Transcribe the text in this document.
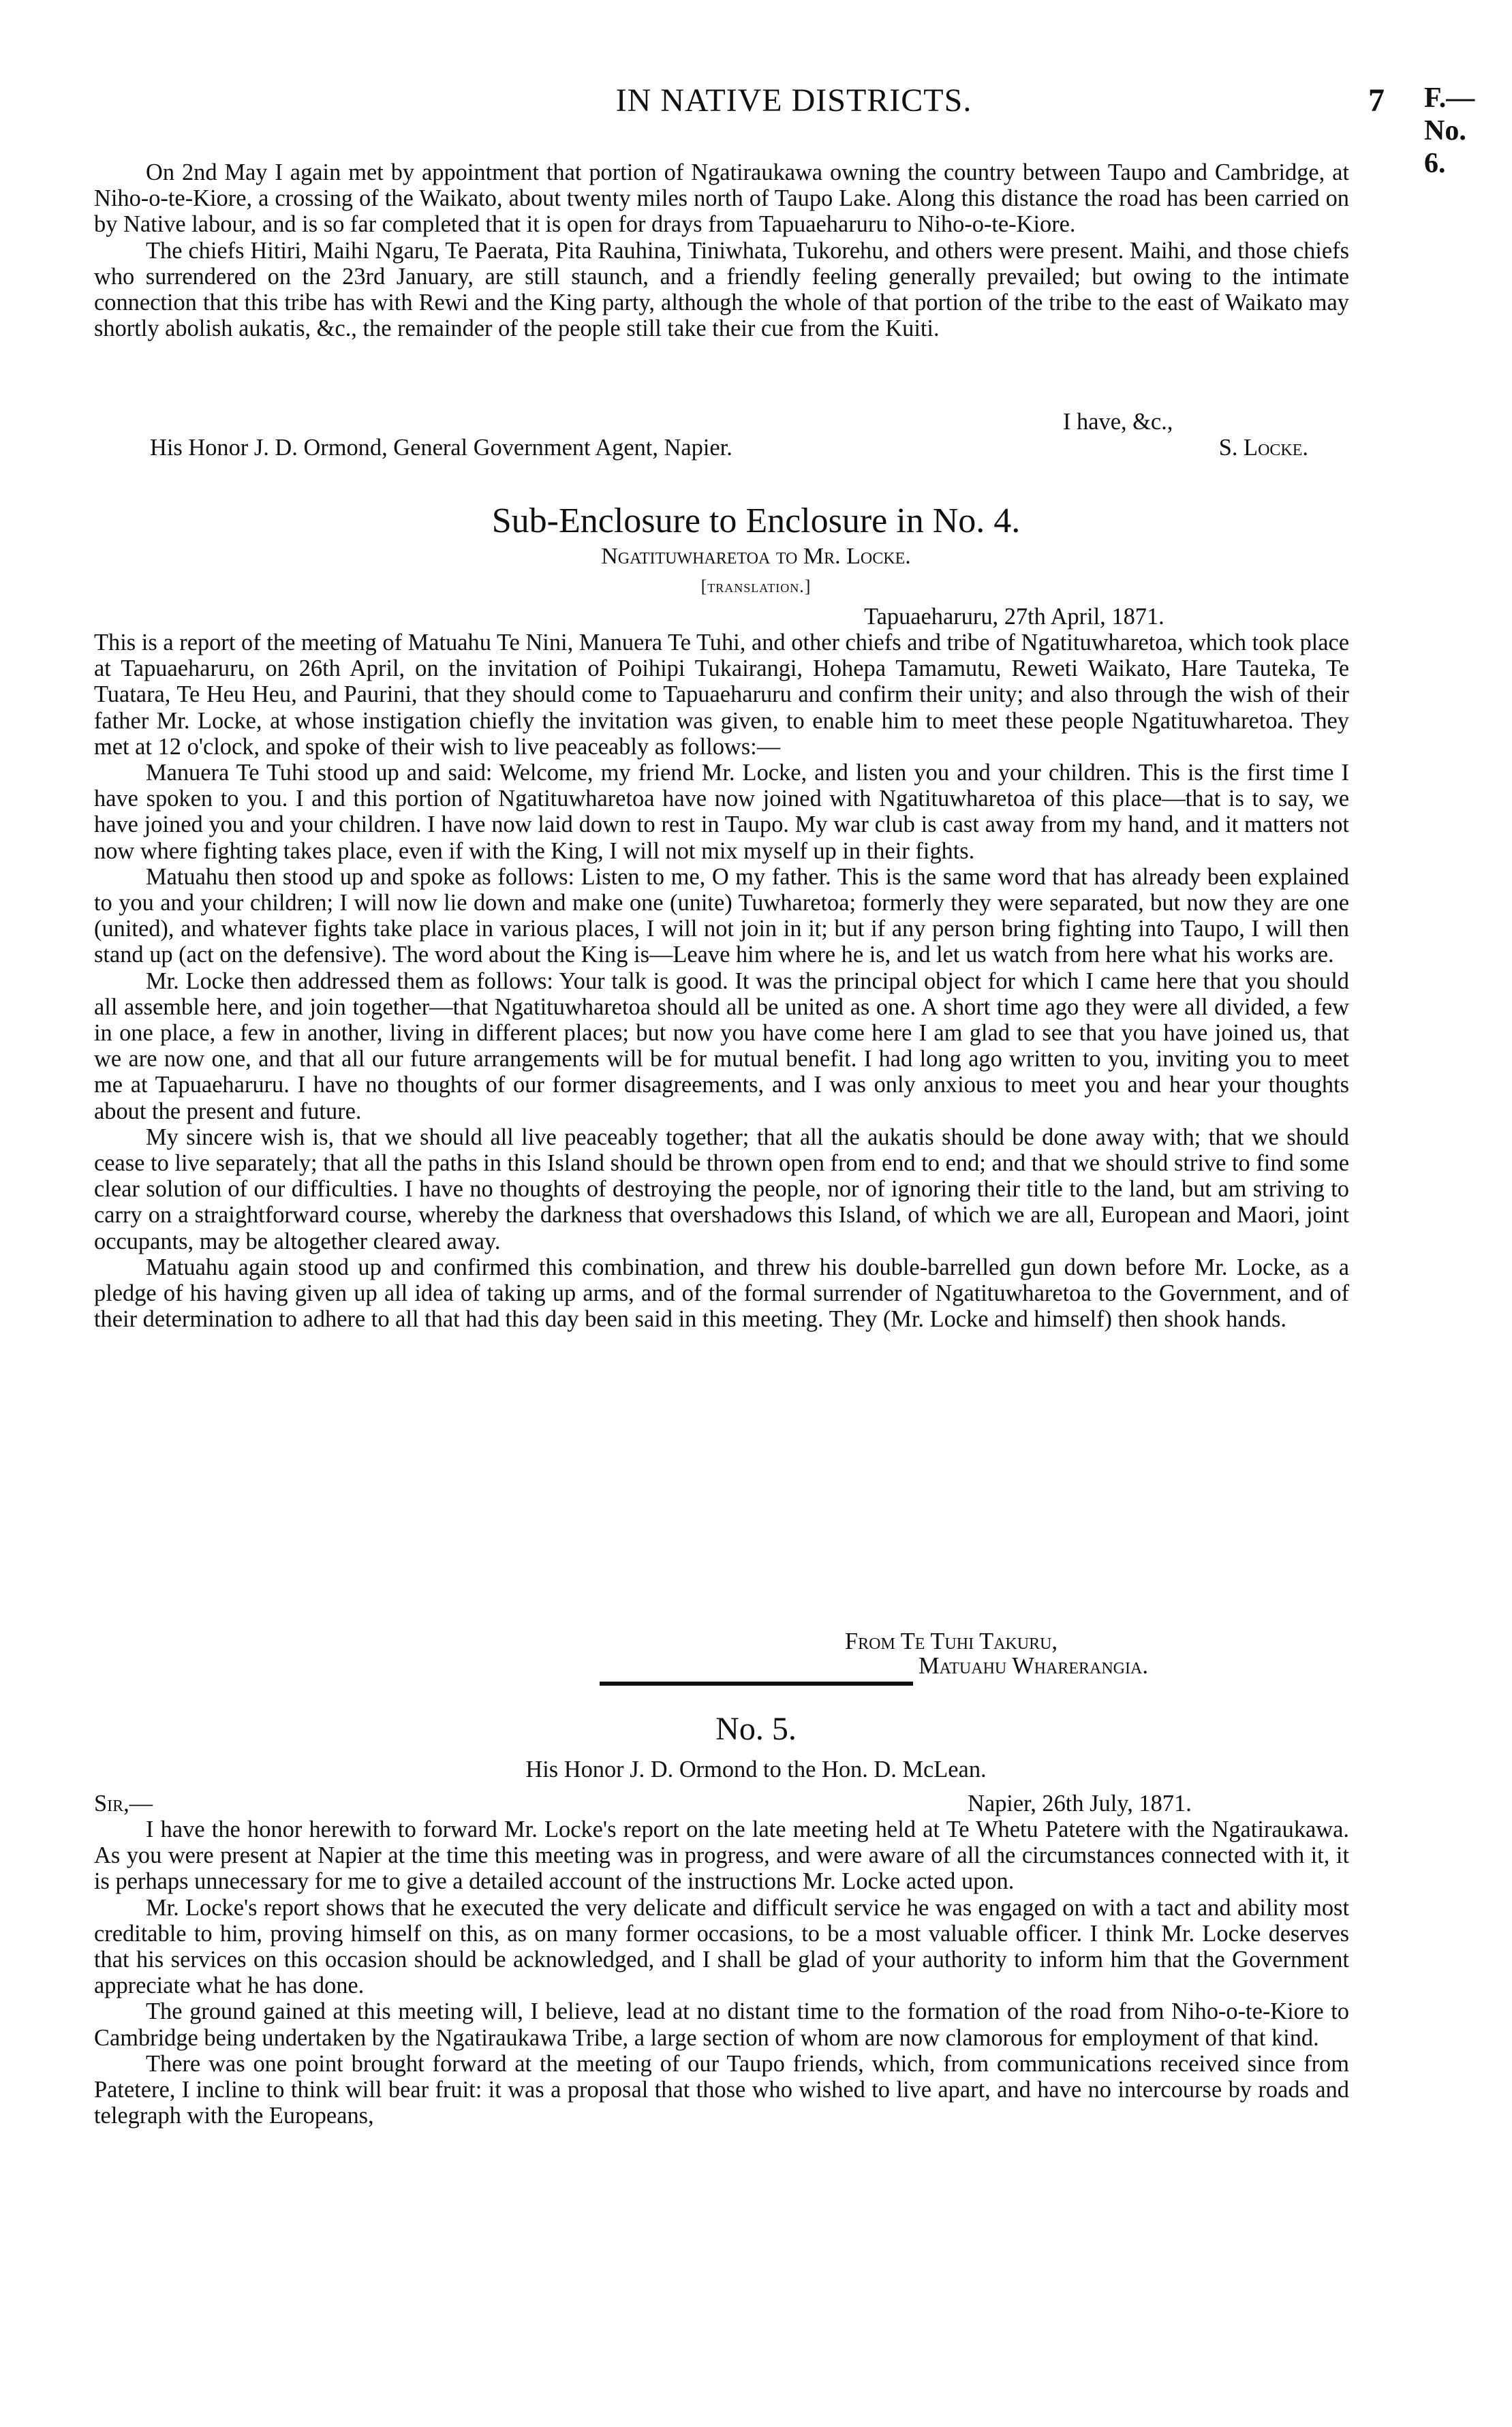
IN NATIVE DISTRICTS.	7 F.—No. 6.

On 2nd May I again met by appointment that portion of Ngatiraukawa owning the country between Taupo and Cambridge, at Niho-o-te-Kiore, a crossing of the Waikato, about twenty miles north of Taupo Lake. Along this distance the road has been carried on by Native labour, and is so far completed that it is open for drays from Tapuaeharuru to Niho-o-te-Kiore.

The chiefs Hitiri, Maihi Ngaru, Te Paerata, Pita Rauhina, Tiniwhata, Tukorehu, and others were present. Maihi, and those chiefs who surrendered on the 23rd January, are still staunch, and a friendly feeling generally prevailed; but owing to the intimate connection that this tribe has with Rewi and the King party, although the whole of that portion of the tribe to the east of Waikato may shortly abolish aukatis, &c., the remainder of the people still take their cue from the Kuiti.

I have, &c.,
His Honor J. D. Ormond, General Government Agent, Napier.	S. Locke.
Sub-Enclosure to Enclosure in No. 4.
Ngatituwharetoa to Mr. Locke.
[translation.]
Tapuaeharuru, 27th April, 1871.

This is a report of the meeting of Matuahu Te Nini, Manuera Te Tuhi, and other chiefs and tribe of Ngatituwharetoa, which took place at Tapuaeharuru, on 26th April, on the invitation of Poihipi Tukairangi, Hohepa Tamamutu, Reweti Waikato, Hare Tauteka, Te Tuatara, Te Heu Heu, and Paurini, that they should come to Tapuaeharuru and confirm their unity; and also through the wish of their father Mr. Locke, at whose instigation chiefly the invitation was given, to enable him to meet these people Ngatituwharetoa. They met at 12 o'clock, and spoke of their wish to live peaceably as follows:—

Manuera Te Tuhi stood up and said: Welcome, my friend Mr. Locke, and listen you and your children. This is the first time I have spoken to you. I and this portion of Ngatituwharetoa have now joined with Ngatituwharetoa of this place—that is to say, we have joined you and your children. I have now laid down to rest in Taupo. My war club is cast away from my hand, and it matters not now where fighting takes place, even if with the King, I will not mix myself up in their fights.

Matuahu then stood up and spoke as follows: Listen to me, O my father. This is the same word that has already been explained to you and your children; I will now lie down and make one (unite) Tuwharetoa; formerly they were separated, but now they are one (united), and whatever fights take place in various places, I will not join in it; but if any person bring fighting into Taupo, I will then stand up (act on the defensive). The word about the King is—Leave him where he is, and let us watch from here what his works are.

Mr. Locke then addressed them as follows: Your talk is good. It was the principal object for which I came here that you should all assemble here, and join together—that Ngatituwharetoa should all be united as one. A short time ago they were all divided, a few in one place, a few in another, living in different places; but now you have come here I am glad to see that you have joined us, that we are now one, and that all our future arrangements will be for mutual benefit. I had long ago written to you, inviting you to meet me at Tapuaeharuru. I have no thoughts of our former disagreements, and I was only anxious to meet you and hear your thoughts about the present and future.

My sincere wish is, that we should all live peaceably together; that all the aukatis should be done away with; that we should cease to live separately; that all the paths in this Island should be thrown open from end to end; and that we should strive to find some clear solution of our difficulties. I have no thoughts of destroying the people, nor of ignoring their title to the land, but am striving to carry on a straightforward course, whereby the darkness that overshadows this Island, of which we are all, European and Maori, joint occupants, may be altogether cleared away.

Matuahu again stood up and confirmed this combination, and threw his double-barrelled gun down before Mr. Locke, as a pledge of his having given up all idea of taking up arms, and of the formal surrender of Ngatituwharetoa to the Government, and of their determination to adhere to all that had this day been said in this meeting. They (Mr. Locke and himself) then shook hands.

From Te Tuhi Takuru,
Matuahu Wharerangia.
No. 5.
His Honor J. D. Ormond to the Hon. D. McLean.
Sir,—	Napier, 26th July, 1871.

I have the honor herewith to forward Mr. Locke's report on the late meeting held at Te Whetu Patetere with the Ngatiraukawa. As you were present at Napier at the time this meeting was in progress, and were aware of all the circumstances connected with it, it is perhaps unnecessary for me to give a detailed account of the instructions Mr. Locke acted upon.

Mr. Locke's report shows that he executed the very delicate and difficult service he was engaged on with a tact and ability most creditable to him, proving himself on this, as on many former occasions, to be a most valuable officer. I think Mr. Locke deserves that his services on this occasion should be acknowledged, and I shall be glad of your authority to inform him that the Government appreciate what he has done.

The ground gained at this meeting will, I believe, lead at no distant time to the formation of the road from Niho-o-te-Kiore to Cambridge being undertaken by the Ngatiraukawa Tribe, a large section of whom are now clamorous for employment of that kind.

There was one point brought forward at the meeting of our Taupo friends, which, from communications received since from Patetere, I incline to think will bear fruit: it was a proposal that those who wished to live apart, and have no intercourse by roads and telegraph with the Europeans,
